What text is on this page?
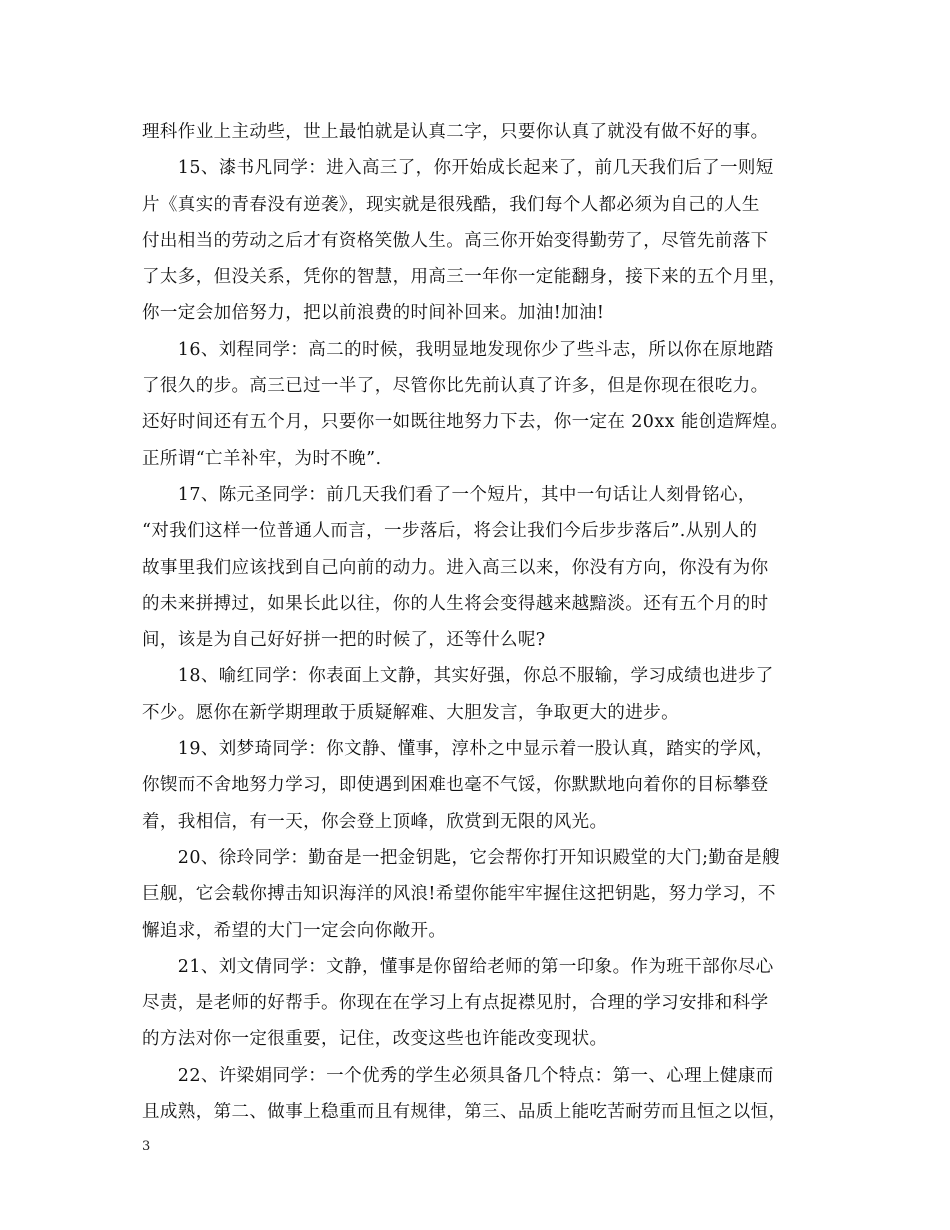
理科作业上主动些，世上最怕就是认真二字，只要你认真了就没有做不好的事。
　　15、漆书凡同学：进入高三了，你开始成长起来了，前几天我们后了一则短
片《真实的青春没有逆袭》，现实就是很残酷，我们每个人都必须为自己的人生
付出相当的劳动之后才有资格笑傲人生。高三你开始变得勤劳了，尽管先前落下
了太多，但没关系，凭你的智慧，用高三一年你一定能翻身，接下来的五个月里，
你一定会加倍努力，把以前浪费的时间补回来。加油!加油!
　　16、刘程同学：高二的时候，我明显地发现你少了些斗志，所以你在原地踏
了很久的步。高三已过一半了，尽管你比先前认真了许多，但是你现在很吃力。
还好时间还有五个月，只要你一如既往地努力下去，你一定在 20xx 能创造辉煌。
正所谓“亡羊补牢，为时不晚”.
　　17、陈元圣同学：前几天我们看了一个短片，其中一句话让人刻骨铭心，
“对我们这样一位普通人而言，一步落后，将会让我们今后步步落后”.从别人的
故事里我们应该找到自己向前的动力。进入高三以来，你没有方向，你没有为你
的未来拼搏过，如果长此以往，你的人生将会变得越来越黯淡。还有五个月的时
间，该是为自己好好拼一把的时候了，还等什么呢?
　　18、喻红同学：你表面上文静，其实好强，你总不服输，学习成绩也进步了
不少。愿你在新学期理敢于质疑解难、大胆发言，争取更大的进步。
　　19、刘梦琦同学：你文静、懂事，淳朴之中显示着一股认真，踏实的学风，
你锲而不舍地努力学习，即使遇到困难也毫不气馁，你默默地向着你的目标攀登
着，我相信，有一天，你会登上顶峰，欣赏到无限的风光。
　　20、徐玲同学：勤奋是一把金钥匙，它会帮你打开知识殿堂的大门;勤奋是艘
巨舰，它会载你搏击知识海洋的风浪!希望你能牢牢握住这把钥匙，努力学习，不
懈追求，希望的大门一定会向你敞开。
　　21、刘文倩同学：文静，懂事是你留给老师的第一印象。作为班干部你尽心
尽责，是老师的好帮手。你现在在学习上有点捉襟见肘，合理的学习安排和科学
的方法对你一定很重要，记住，改变这些也许能改变现状。
　　22、许梁娟同学：一个优秀的学生必须具备几个特点：第一、心理上健康而
且成熟，第二、做事上稳重而且有规律，第三、品质上能吃苦耐劳而且恒之以恒，
3
